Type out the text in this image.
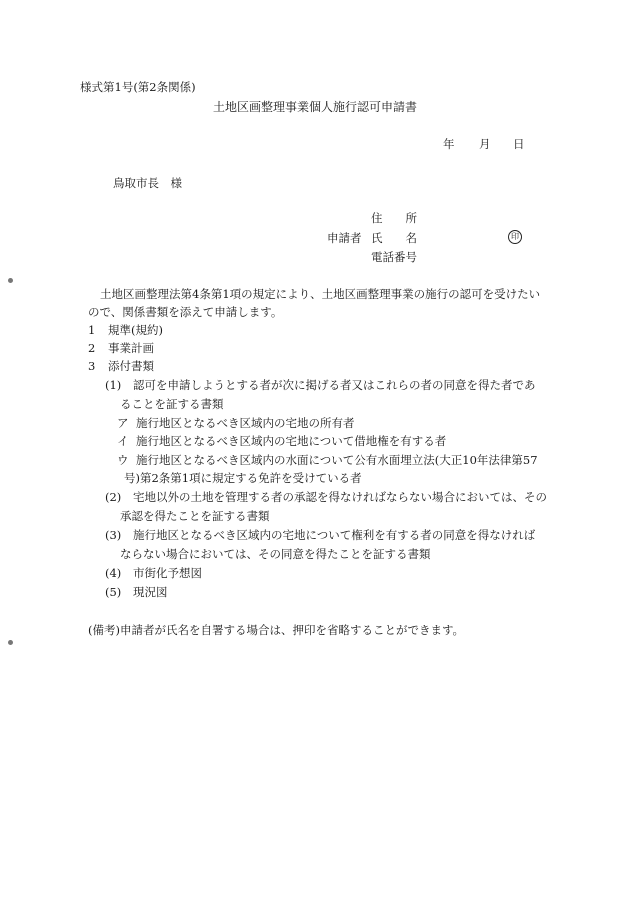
様式第1号(第2条関係)
土地区画整理事業個人施行認可申請書
年 月 日
鳥取市長　様
住　　所
申請者 氏　　名	印
電話番号
土地区画整理法第4条第1項の規定により、土地区画整理事業の施行の認可を受けたい
ので、関係書類を添えて申請します。
1 規準(規約)
2 事業計画
3 添付書類
(1) 認可を申請しようとする者が次に掲げる者又はこれらの者の同意を得た者であ
ることを証する書類
ア 施行地区となるべき区域内の宅地の所有者
イ 施行地区となるべき区域内の宅地について借地権を有する者
ウ 施行地区となるべき区域内の水面について公有水面埋立法(大正10年法律第57
号)第2条第1項に規定する免許を受けている者
(2) 宅地以外の土地を管理する者の承認を得なければならない場合においては、その
承認を得たことを証する書類
(3) 施行地区となるべき区域内の宅地について権利を有する者の同意を得なければ
ならない場合においては、その同意を得たことを証する書類
(4) 市街化予想図
(5) 現況図
(備考)申請者が氏名を自署する場合は、押印を省略することができます。
